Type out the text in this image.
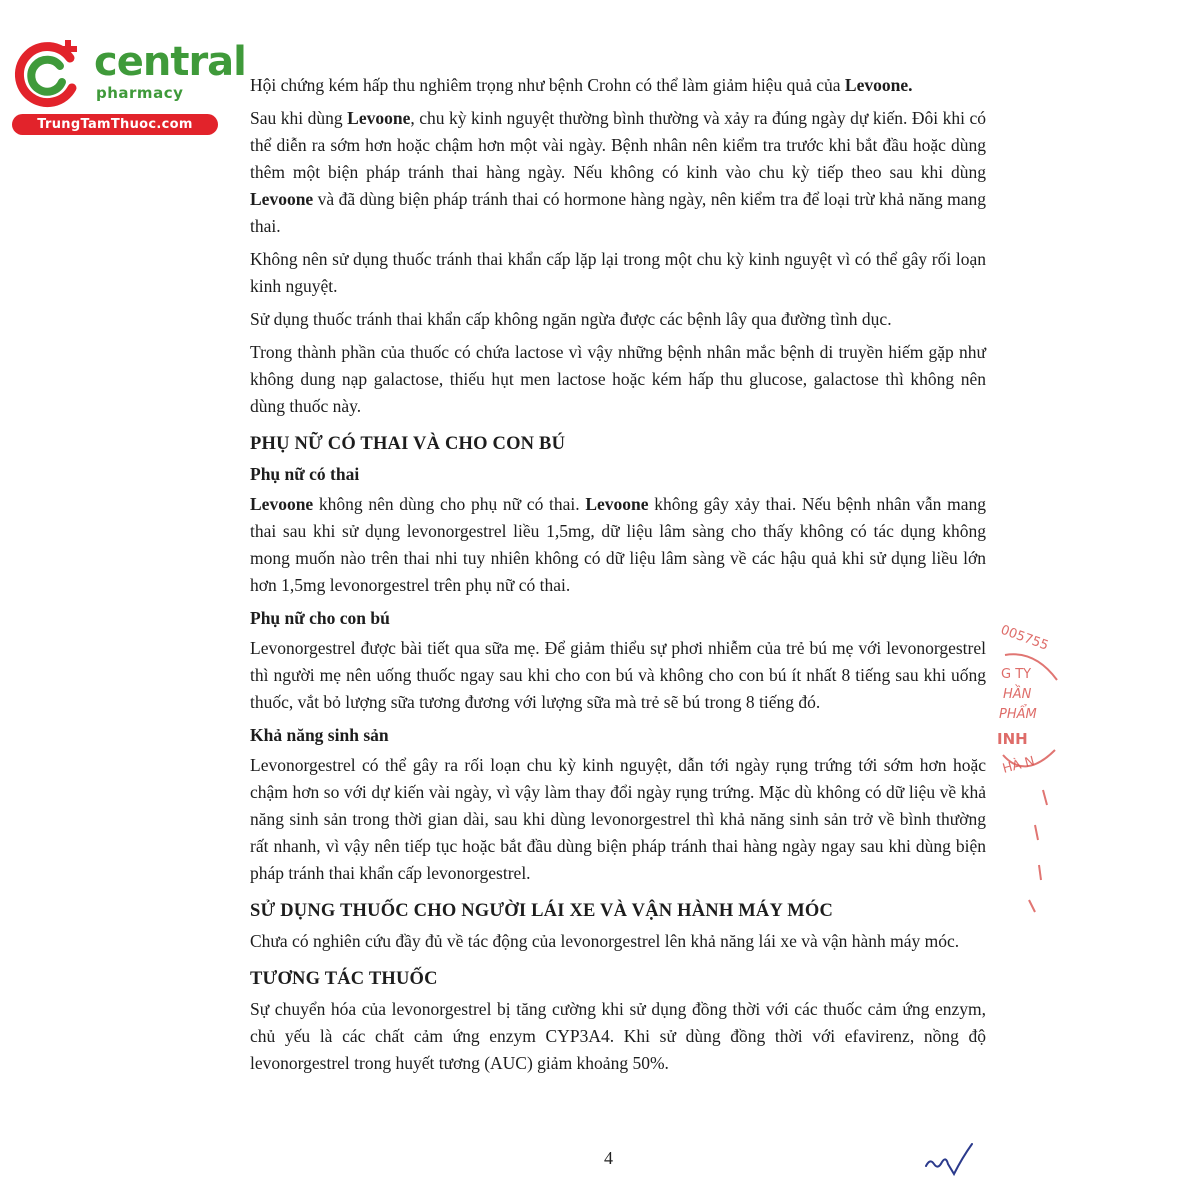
central
pharmacy
TrungTamThuoc.com

Hội chứng kém hấp thu nghiêm trọng như bệnh Crohn có thể làm giảm hiệu quả của Levoone.

Sau khi dùng Levoone, chu kỳ kinh nguyệt thường bình thường và xảy ra đúng ngày dự kiến. Đôi khi có thể diễn ra sớm hơn hoặc chậm hơn một vài ngày. Bệnh nhân nên kiểm tra trước khi bắt đầu hoặc dùng thêm một biện pháp tránh thai hàng ngày. Nếu không có kinh vào chu kỳ tiếp theo sau khi dùng Levoone và đã dùng biện pháp tránh thai có hormone hàng ngày, nên kiểm tra để loại trừ khả năng mang thai.

Không nên sử dụng thuốc tránh thai khẩn cấp lặp lại trong một chu kỳ kinh nguyệt vì có thể gây rối loạn kinh nguyệt.

Sử dụng thuốc tránh thai khẩn cấp không ngăn ngừa được các bệnh lây qua đường tình dục.

Trong thành phần của thuốc có chứa lactose vì vậy những bệnh nhân mắc bệnh di truyền hiếm gặp như không dung nạp galactose, thiếu hụt men lactose hoặc kém hấp thu glucose, galactose thì không nên dùng thuốc này.

PHỤ NỮ CÓ THAI VÀ CHO CON BÚ
Phụ nữ có thai

Levoone không nên dùng cho phụ nữ có thai. Levoone không gây xảy thai. Nếu bệnh nhân vẫn mang thai sau khi sử dụng levonorgestrel liều 1,5mg, dữ liệu lâm sàng cho thấy không có tác dụng không mong muốn nào trên thai nhi tuy nhiên không có dữ liệu lâm sàng về các hậu quả khi sử dụng liều lớn hơn 1,5mg levonorgestrel trên phụ nữ có thai.

Phụ nữ cho con bú

Levonorgestrel được bài tiết qua sữa mẹ. Để giảm thiểu sự phơi nhiễm của trẻ bú mẹ với levonorgestrel thì người mẹ nên uống thuốc ngay sau khi cho con bú và không cho con bú ít nhất 8 tiếng sau khi uống thuốc, vắt bỏ lượng sữa tương đương với lượng sữa mà trẻ sẽ bú trong 8 tiếng đó.

Khả năng sinh sản

Levonorgestrel có thể gây ra rối loạn chu kỳ kinh nguyệt, dẫn tới ngày rụng trứng tới sớm hơn hoặc chậm hơn so với dự kiến vài ngày, vì vậy làm thay đổi ngày rụng trứng. Mặc dù không có dữ liệu về khả năng sinh sản trong thời gian dài, sau khi dùng levonorgestrel thì khả năng sinh sản trở về bình thường rất nhanh, vì vậy nên tiếp tục hoặc bắt đầu dùng biện pháp tránh thai hàng ngày ngay sau khi dùng biện pháp tránh thai khẩn cấp levonorgestrel.

SỬ DỤNG THUỐC CHO NGƯỜI LÁI XE VÀ VẬN HÀNH MÁY MÓC

Chưa có nghiên cứu đầy đủ về tác động của levonorgestrel lên khả năng lái xe và vận hành máy móc.

TƯƠNG TÁC THUỐC

Sự chuyển hóa của levonorgestrel bị tăng cường khi sử dụng đồng thời với các thuốc cảm ứng enzym, chủ yếu là các chất cảm ứng enzym CYP3A4. Khi sử dùng đồng thời với efavirenz, nồng độ levonorgestrel trong huyết tương (AUC) giảm khoảng 50%.

005755
G TY
HẦN
PHẨM
INH
HÀ N
4
